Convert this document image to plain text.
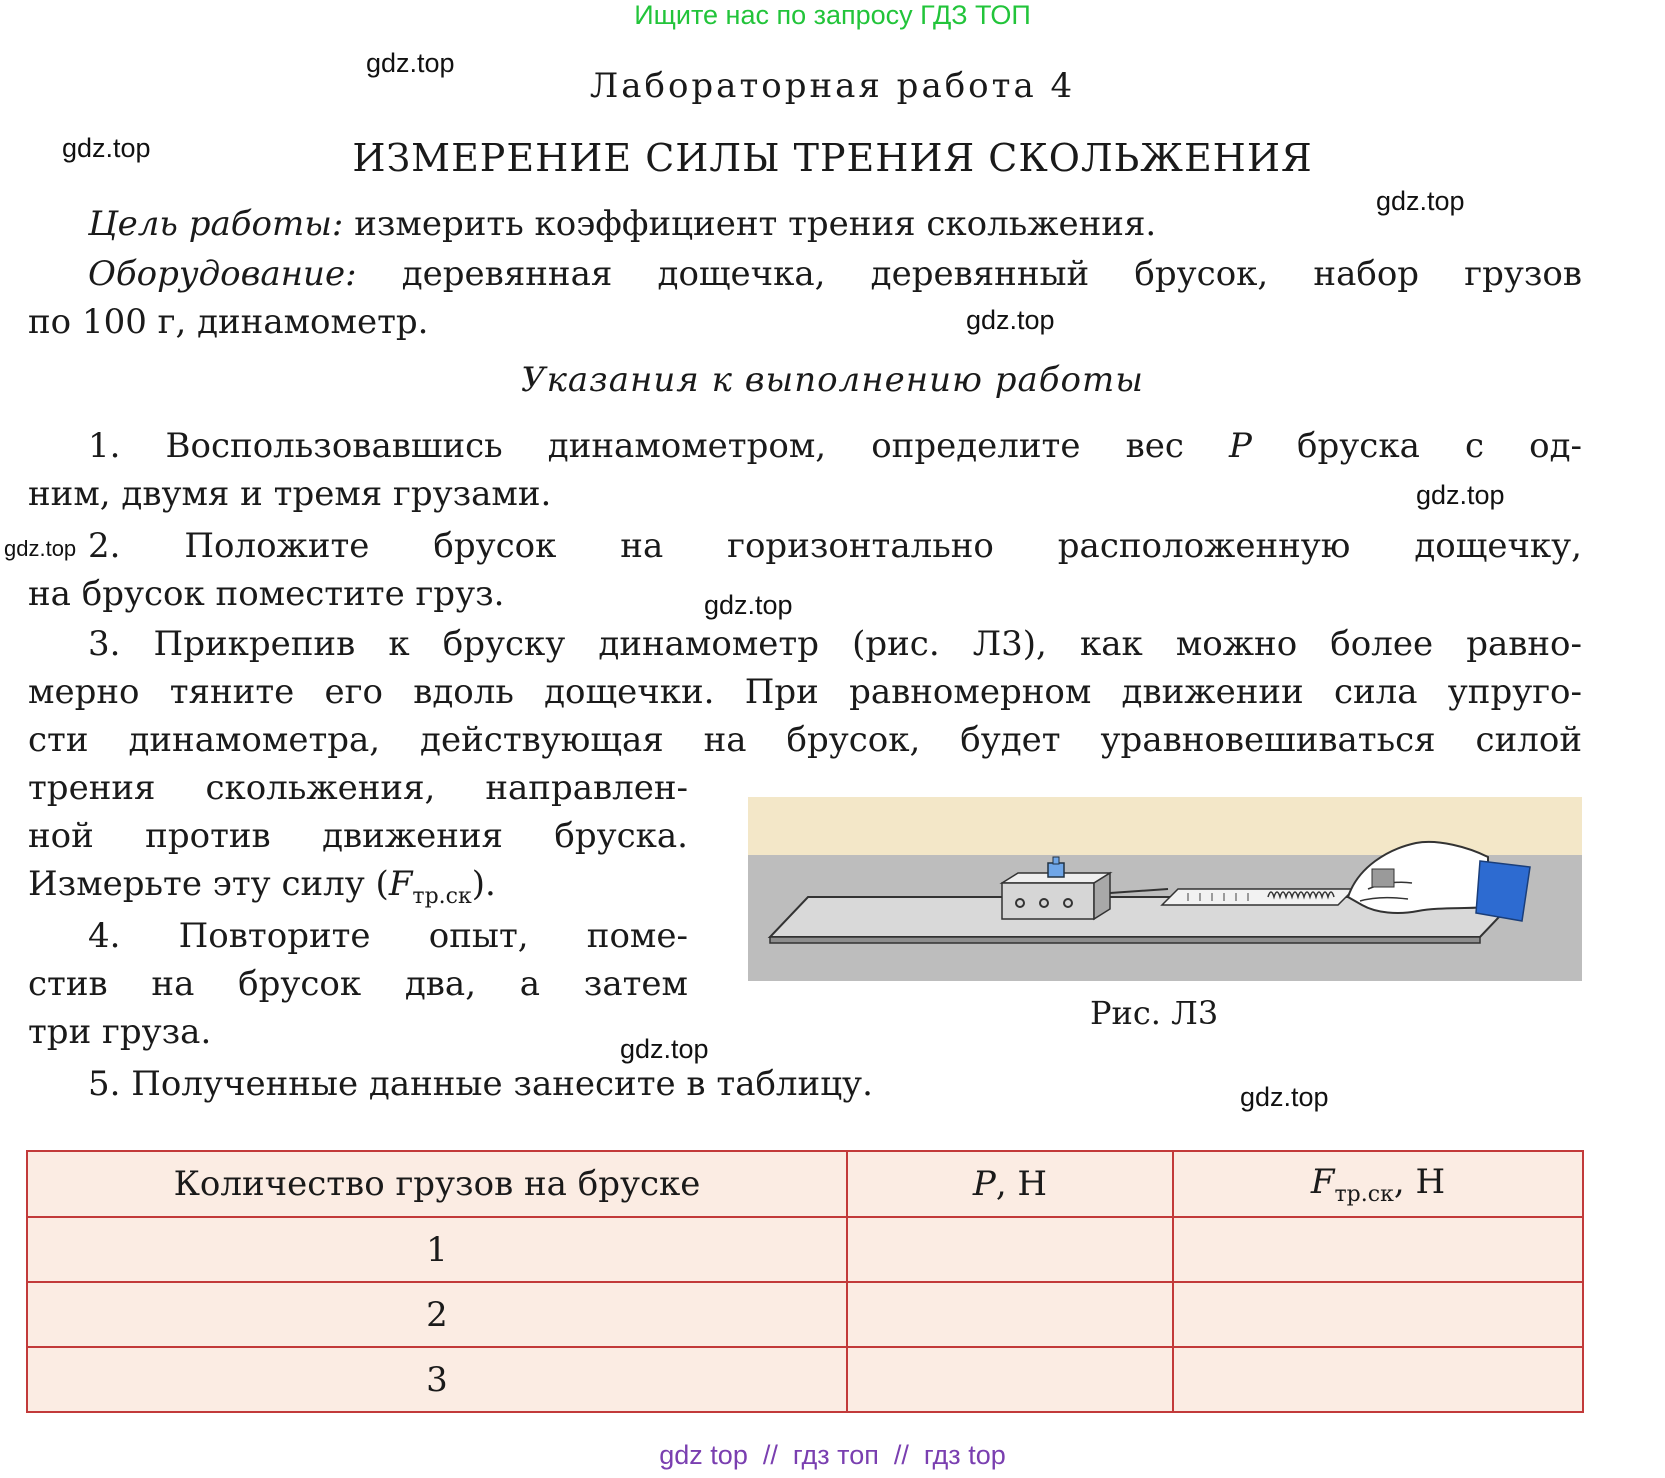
Ищите нас по запросу ГДЗ ТОП
gdz.top
gdz.top
gdz.top
gdz.top
gdz.top
gdz.top
gdz.top
gdz.top
gdz.top
Лабораторная работа 4
ИЗМЕРЕНИЕ СИЛЫ ТРЕНИЯ СКОЛЬЖЕНИЯ
Цель работы: измерить коэффициент трения скольжения.
Оборудование: деревянная дощечка, деревянный брусок, набор грузов
по 100 г, динамометр.
Указания к выполнению работы
1. Воспользовавшись динамометром, определите вес P бруска с од-
ним, двумя и тремя грузами.
2. Положите брусок на горизонтально расположенную дощечку,
на брусок поместите груз.
3. Прикрепив к бруску динамометр (рис. Л3), как можно более равно-
мерно тяните его вдоль дощечки. При равномерном движении сила упруго-
сти динамометра, действующая на брусок, будет уравновешиваться силой
трения скольжения, направлен-
ной против движения бруска.
Измерьте эту силу $(F_{тр.ск})$.
4. Повторите опыт, поме-
стив на брусок два, а затем
три груза.
5. Полученные данные занесите в таблицу.
Рис. Л3
Количество грузов на бруске	P, Н	$F_{тр.ск}$, Н
1		
2		
3		
gdz top // гдз топ // гдз top
